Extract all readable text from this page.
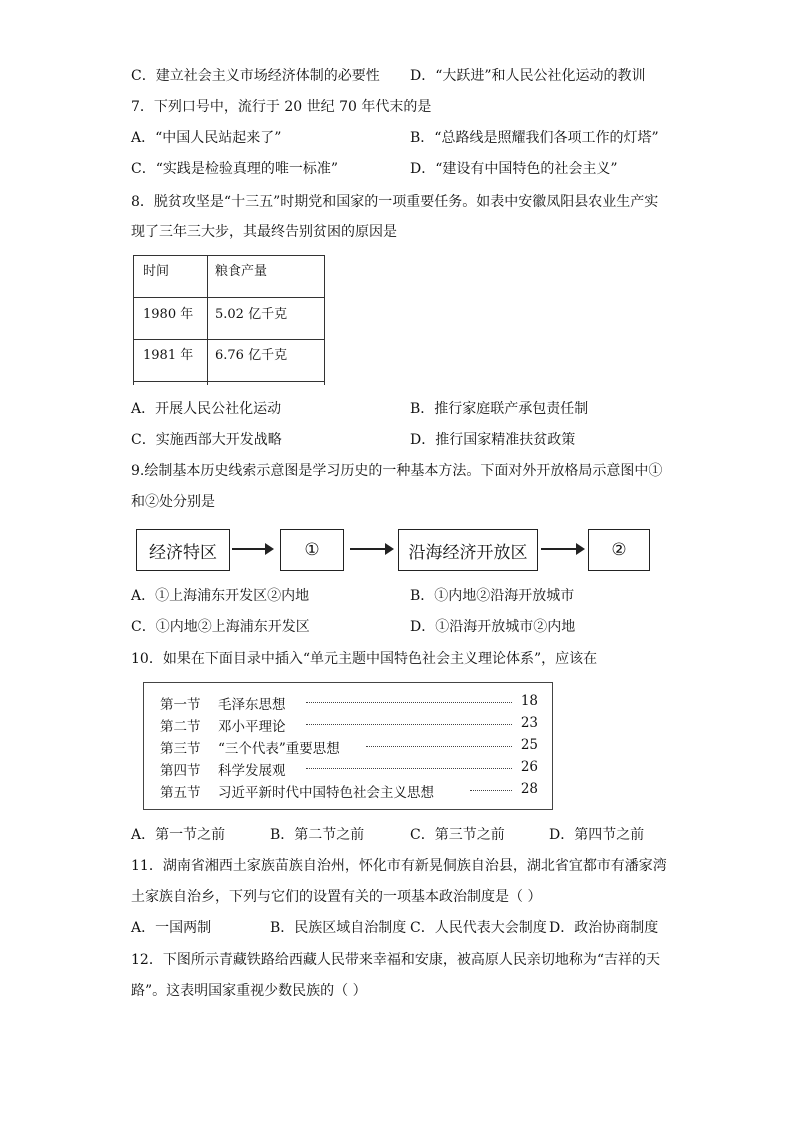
C．建立社会主义市场经济体制的必要性 D．“大跃进”和人民公社化运动的教训
7．下列口号中，流行于 20 世纪 70 年代末的是
A．“中国人民站起来了”	B．“总路线是照耀我们各项工作的灯塔”
C．“实践是检验真理的唯一标准”	D．“建设有中国特色的社会主义”
8．脱贫攻坚是“十三五”时期党和国家的一项重要任务。如表中安徽凤阳县农业生产实
现了三年三大步，其最终告别贫困的原因是
时间	粮食产量
1980 年 5.02 亿千克
1981 年 6.76 亿千克
A．开展人民公社化运动	B．推行家庭联产承包责任制
C．实施西部大开发战略	D．推行国家精准扶贫政策
9.绘制基本历史线索示意图是学习历史的一种基本方法。下面对外开放格局示意图中①
和②处分别是
经济特区	①	沿海经济开放区	②
A．①上海浦东开发区②内地	B．①内地②沿海开放城市
C．①内地②上海浦东开发区	D．①沿海开放城市②内地
10．如果在下面目录中插入“单元主题中国特色社会主义理论体系”，应该在
第一节 毛泽东思想	18
第二节 邓小平理论	23
第三节 “三个代表”重要思想	25
第四节 科学发展观	26
第五节 习近平新时代中国特色社会主义思想	28
A．第一节之前	B．第二节之前	C．第三节之前	D．第四节之前
11．湖南省湘西土家族苗族自治州，怀化市有新晃侗族自治县，湖北省宜都市有潘家湾
土家族自治乡，下列与它们的设置有关的一项基本政治制度是（ ）
A．一国两制	B．民族区域自治制度 C．人民代表大会制度 D．政治协商制度
12．下图所示青藏铁路给西藏人民带来幸福和安康，被高原人民亲切地称为“吉祥的天
路”。这表明国家重视少数民族的（ ）
